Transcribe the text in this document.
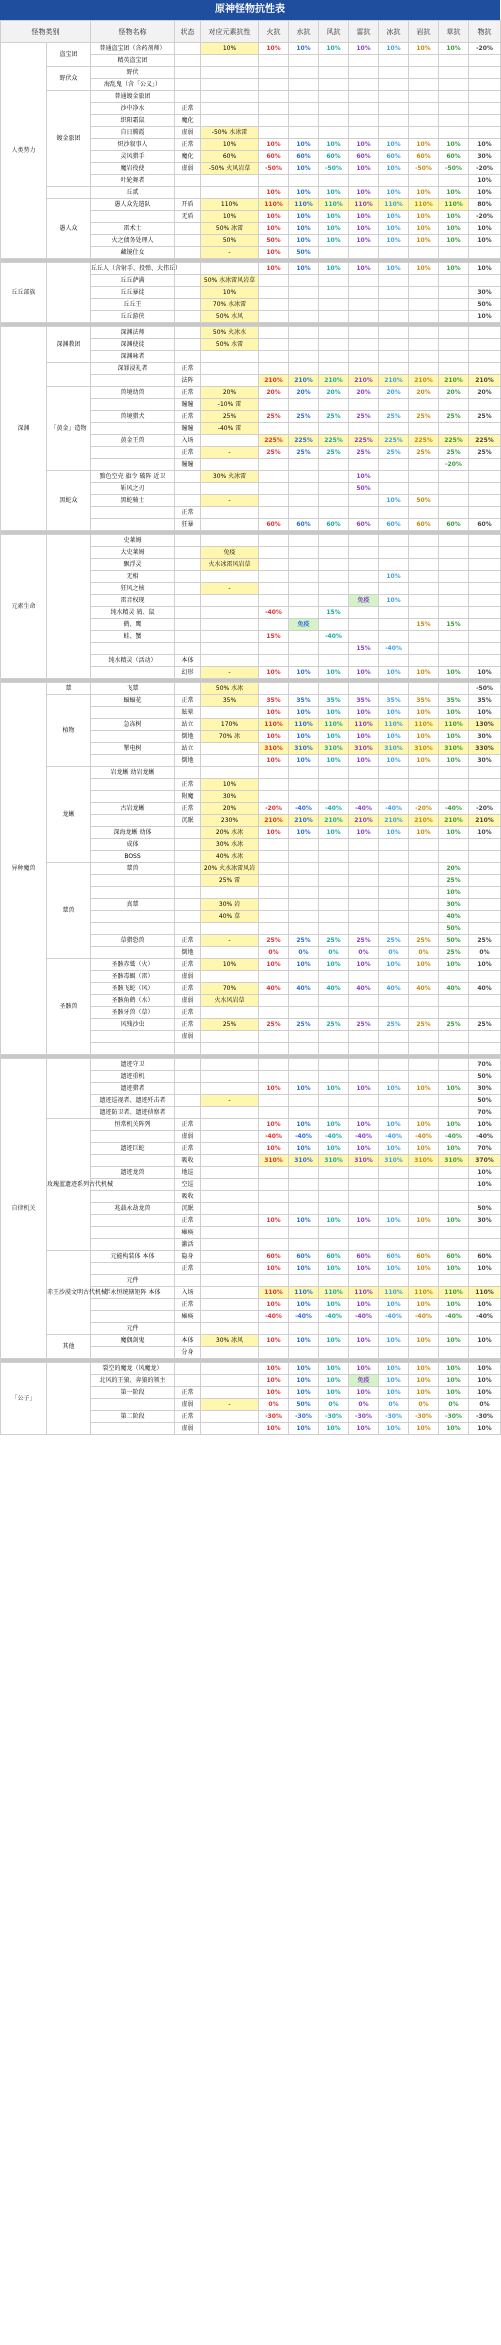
原神怪物抗性表
怪物类别		怪物名称	状态	对应元素抗性	火抗	水抗	风抗	雷抗	冰抗	岩抗	草抗	物抗
人类势力	盗宝团	普通盗宝团（含药剂师）		10%	10%	10%	10%	10%	10%	10%	10%	-20%
		精英盗宝团										
	野伏众	野伏										
		海乱鬼（含「公义」）										
	镀金旅团	普通镀金旅团										
		沙中净水	正常									
		织阳霜鼠	魔化									
		自日腾霞	虚弱	-50% 水冰雷								
		炽沙叙事人	正常	10%	10%	10%	10%	10%	10%	10%	10%	10%
		灵风猎手	魔化	60%	60%	60%	60%	60%	60%	60%	60%	30%
		魔岩役使	虚弱	-50% 火风岩草	-50%	10%	-50%	10%	10%	-50%	-50%	-20%
		叶轮舞者										10%
		丘贰			10%	10%	10%	10%	10%	10%	10%	10%
	愚人众	愚人众先遣队	开盾	110%	110%	110%	110%	110%	110%	110%	110%	80%
			无盾	10%	10%	10%	10%	10%	10%	10%	10%	-20%
		雷术士		50% 冰雷	10%	10%	10%	10%	10%	10%	10%	10%
		火之债务处理人		50%	50%	10%	10%	10%	10%	10%	10%	10%
		藏镜仕女		-	10%	50%						

丘丘部族		丘丘人（含射手、投弹、大伟丘）			10%	10%	10%	10%	10%	10%	10%	10%
		丘丘萨满		50% 水冰雷风岩草								
		丘丘暴徒		10%								30%
		丘丘王		70% 水冰雷								50%
		丘丘游侠		50% 水风								10%

深渊	深渊教团	深渊法师		50% 火冰水								
		深渊使徒		50% 水雷								
		深渊咏者										
		深罪浸礼者	正常									
			法阵		210%	210%	210%	210%	210%	210%	210%	210%
	「黄金」造物	兽境幼兽	正常	20%	20%	20%	20%	20%	20%	20%	20%	20%
			瞳瞳	-10% 雷								
		兽境猎犬	正常	25%	25%	25%	25%	25%	25%	25%	25%	25%
			瞳瞳	-40% 雷								
		黄金王兽	入场		225%	225%	225%	225%	225%	225%	225%	225%
			正常	-	25%	25%	25%	25%	25%	25%	25%	25%
			瞳瞳								-20%	
	黑蛇众	黯色空壳 旗令 破阵 近卫		30% 火冰雷				10%				
		斩风之刃						50%				
		黑蛇骑士		-					10%	50%		
			正常									
			狂暴		60%	60%	60%	60%	60%	60%	60%	60%

元素生命		史莱姆										
		大史莱姆		免疫								
		飘浮灵		火水冰雷风岩草								
		无相							10%			
		狂风之核		-								
		雷音权现						免疫	10%			
		纯水精灵 鸫、鼠			-40%		15%					
		鹤、鹰				免疫				15%	15%	
		蛙、蟹			15%		-40%					
								15%	-40%			
		纯水精灵（活动）	本体									
			幻形	-	10%	10%	10%	10%	10%	10%	10%	10%

异种魔兽	蕈	飞蕈		50% 水冰								-50%
	植物	蝠蝠花	正常	35%	35%	35%	35%	35%	35%	35%	35%	35%
			眩晕		10%	10%	10%	10%	10%	10%	10%	10%
		急冻树	站立	170%	110%	110%	110%	110%	110%	110%	110%	130%
			倒地	70% 冰	10%	10%	10%	10%	10%	10%	10%	30%
		掣电树	站立		310%	310%	310%	310%	310%	310%	310%	330%
			倒地		10%	10%	10%	10%	10%	10%	10%	30%
	龙蜥	岩龙蜥 幼岩龙蜥										
			正常	10%								
			附魔	30%								
		古岩龙蜥	正常	20%	-20%	-40%	-40%	-40%	-40%	-20%	-40%	-20%
			沉眠	230%	210%	210%	210%	210%	210%	210%	210%	210%
		深海龙蜥 幼体		20% 水冰	10%	10%	10%	10%	10%	10%	10%	10%
		成体		30% 水冰								
		BOSS		40% 水冰								
	蕈兽	蕈兽		20% 火水冰雷风岩							20%	
				25% 雷							25%	
											10%	
		真蕈		30% 岩							30%	
				40% 草							40%	
											50%	
		草猎恐兽	正常	-	25%	25%	25%	25%	25%	25%	50%	25%
			倒地		0%	0%	0%	0%	0%	0%	25%	0%
	圣骸兽	圣骸赤鹫（火）	正常	10%	10%	10%	10%	10%	10%	10%	10%	10%
		圣骸毒蝎（雷）	虚弱									
		圣骸飞蛇（风）	正常	70%	40%	40%	40%	40%	40%	40%	40%	40%
		圣骸角鹤（水）	虚弱	火水风岩草								
		圣骸牙兽（草）	正常									
		风残沙虫	正常	25%	25%	25%	25%	25%	25%	25%	25%	25%
			虚弱									

自律机关		遗迹守卫										70%
		遗迹重机										50%
		遗迹猎者			10%	10%	10%	10%	10%	10%	10%	30%
		遗迹巡视者、遗迹歼击者		-								50%
		遗迹防卫者、遗迹侦察者										70%
	玫瑰蓝遗迹系列古代机械	恒常机关阵列	正常		10%	10%	10%	10%	10%	10%	10%	10%
			虚弱		-40%	-40%	-40%	-40%	-40%	-40%	-40%	-40%
		遗迹巨蛇	正常		10%	10%	10%	10%	10%	10%	10%	70%
			吸收		310%	310%	310%	310%	310%	310%	310%	370%
		遗迹龙兽	地巡									10%
			空巡									10%
			吸收									
		兆载永劫龙兽	沉眠									50%
			正常		10%	10%	10%	10%	10%	10%	10%	30%
			瘫痪									
			激活									
	赤王沙漠文明古代机械	元能构装体 本体	隐身		60%	60%	60%	60%	60%	60%	60%	60%
			正常		10%	10%	10%	10%	10%	10%	10%	10%
		元件										
		半永恒统辖矩阵 本体	入场		110%	110%	110%	110%	110%	110%	110%	110%
			正常		10%	10%	10%	10%	10%	10%	10%	10%
			瘫痪		-40%	-40%	-40%	-40%	-40%	-40%	-40%	-40%
		元件										
	其他	魔偶剑鬼	本体	30% 冰风	10%	10%	10%	10%	10%	10%	10%	10%
			分身									

「公子」		裂空的魔龙（风魔龙）			10%	10%	10%	10%	10%	10%	10%	10%
		北风的王狼、奔狼的领主			10%	10%	10%	免疫	10%	10%	10%	10%
		第一阶段	正常		10%	10%	10%	10%	10%	10%	10%	10%
			虚弱	-	0%	50%	0%	0%	0%	0%	0%	0%
		第二阶段	正常		-30%	-30%	-30%	-30%	-30%	-30%	-30%	-30%
			虚弱		10%	10%	10%	10%	10%	10%	10%	10%
